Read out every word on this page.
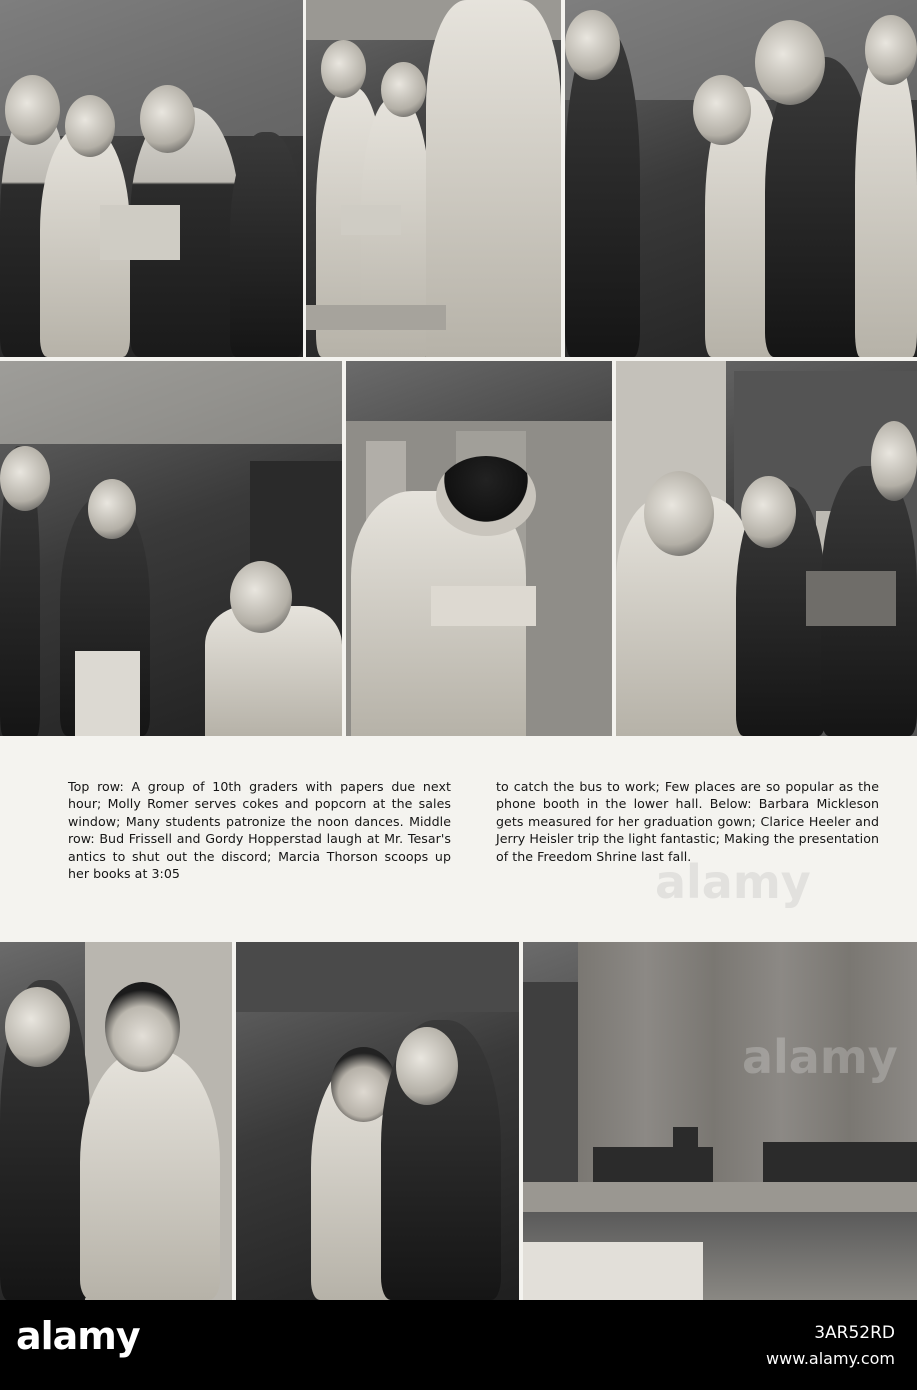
Top row: A group of 10th graders with papers due next hour; Molly Romer serves cokes and popcorn at the sales window; Many students patronize the noon dances. Middle row: Bud Frissell and Gordy Hopperstad laugh at Mr. Tesar's antics to shut out the discord; Marcia Thorson scoops up her books at 3:05
to catch the bus to work; Few places are so popular as the phone booth in the lower hall. Below: Barbara Mickleson gets measured for her graduation gown; Clarice Heeler and Jerry Heisler trip the light fantastic; Making the presentation of the Freedom Shrine last fall.
alamy
alamy
alamy	3AR52RD
www.alamy.com
